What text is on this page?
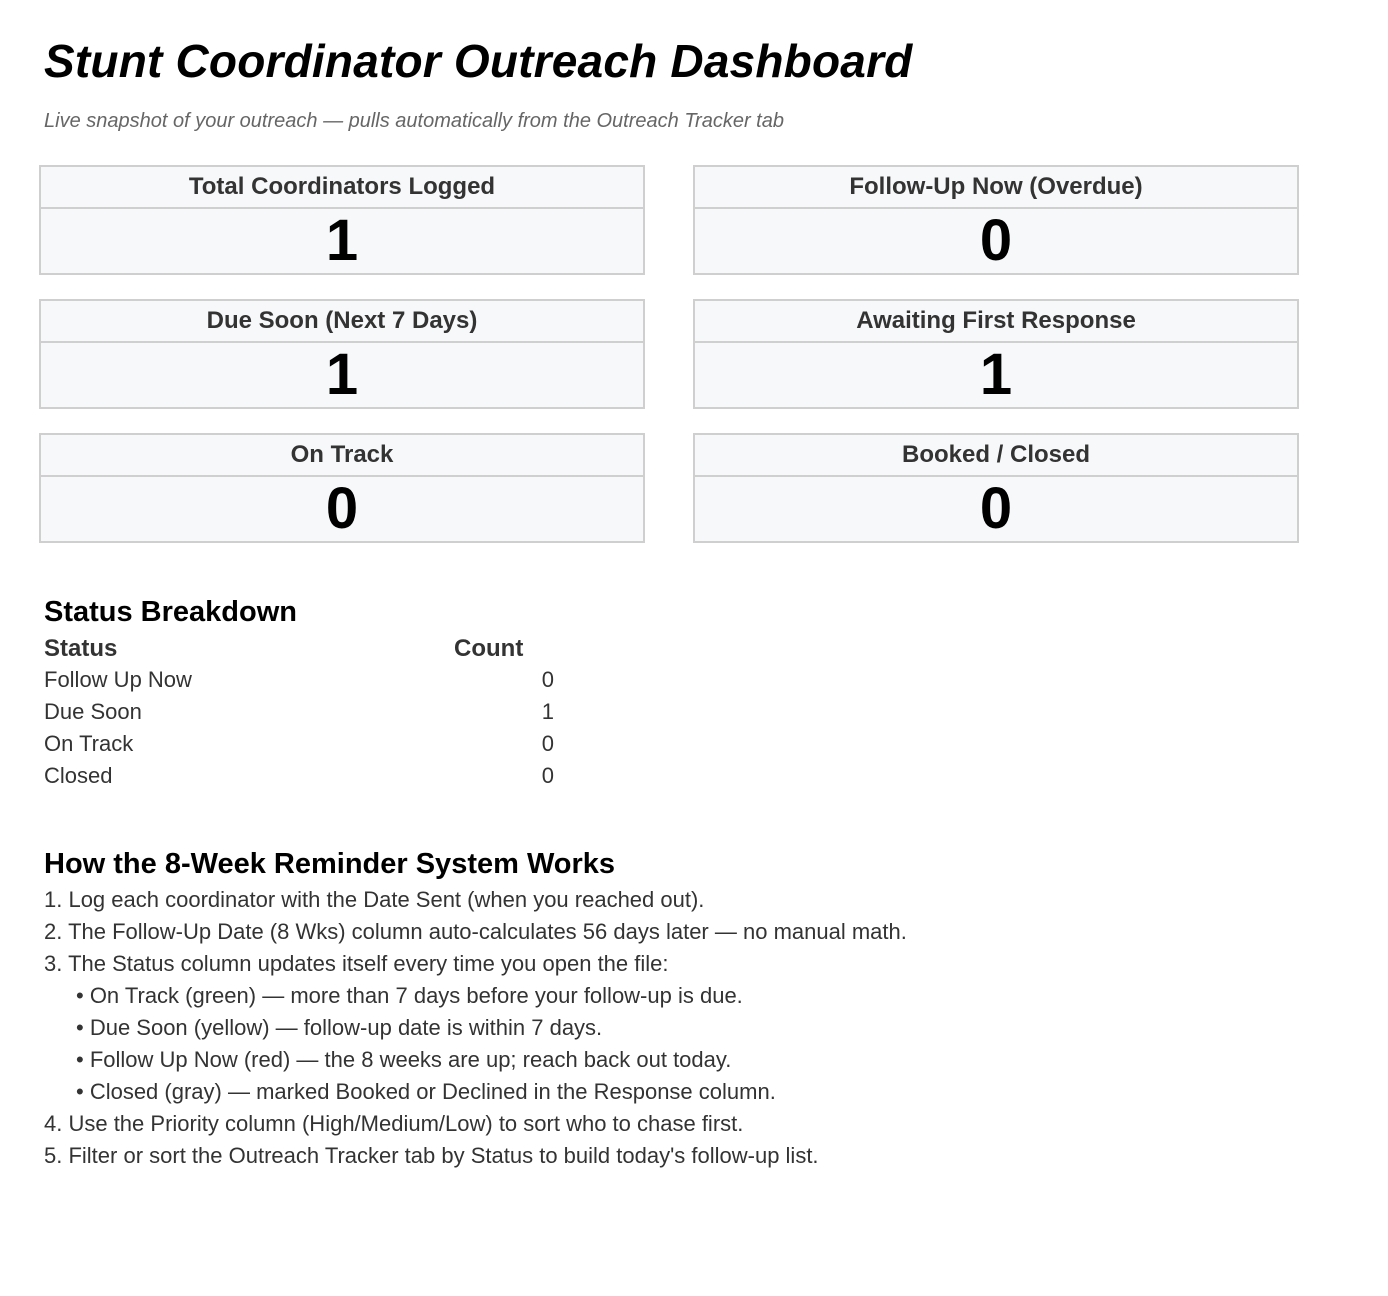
Stunt Coordinator Outreach Dashboard
Live snapshot of your outreach — pulls automatically from the Outreach Tracker tab
Total Coordinators Logged
1
Follow-Up Now (Overdue)
0
Due Soon (Next 7 Days)
1
Awaiting First Response
1
On Track
0
Booked / Closed
0
Status Breakdown
Status	Count
Follow Up Now	0
Due Soon	1
On Track	0
Closed	0
How the 8-Week Reminder System Works
1. Log each coordinator with the Date Sent (when you reached out).
2. The Follow-Up Date (8 Wks) column auto-calculates 56 days later — no manual math.
3. The Status column updates itself every time you open the file:
• On Track (green) — more than 7 days before your follow-up is due.
• Due Soon (yellow) — follow-up date is within 7 days.
• Follow Up Now (red) — the 8 weeks are up; reach back out today.
• Closed (gray) — marked Booked or Declined in the Response column.
4. Use the Priority column (High/Medium/Low) to sort who to chase first.
5. Filter or sort the Outreach Tracker tab by Status to build today's follow-up list.
